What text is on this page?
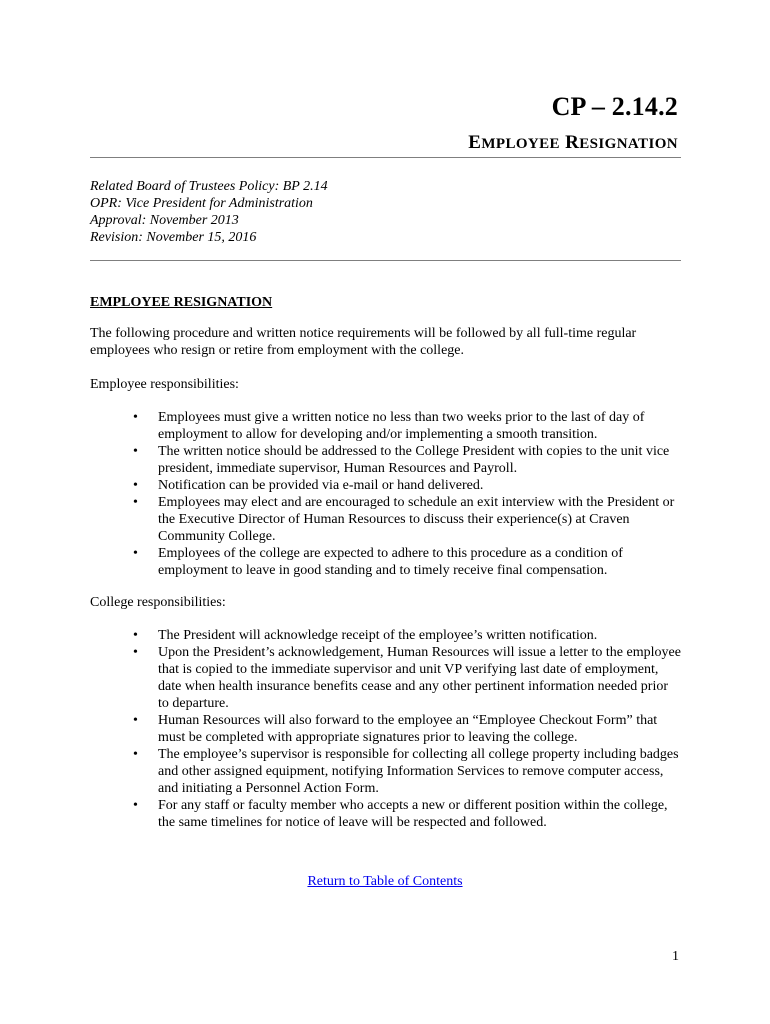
CP – 2.14.2
EMPLOYEE RESIGNATION
Related Board of Trustees Policy: BP 2.14
OPR: Vice President for Administration
Approval: November 2013
Revision: November 15, 2016
EMPLOYEE RESIGNATION
The following procedure and written notice requirements will be followed by all full-time regular employees who resign or retire from employment with the college.
Employee responsibilities:
• Employees must give a written notice no less than two weeks prior to the last of day of employment to allow for developing and/or implementing a smooth transition.
• The written notice should be addressed to the College President with copies to the unit vice president, immediate supervisor, Human Resources and Payroll.
• Notification can be provided via e-mail or hand delivered.
• Employees may elect and are encouraged to schedule an exit interview with the President or the Executive Director of Human Resources to discuss their experience(s) at Craven Community College.
• Employees of the college are expected to adhere to this procedure as a condition of employment to leave in good standing and to timely receive final compensation.
College responsibilities:
• The President will acknowledge receipt of the employee’s written notification.
• Upon the President’s acknowledgement, Human Resources will issue a letter to the employee that is copied to the immediate supervisor and unit VP verifying last date of employment, date when health insurance benefits cease and any other pertinent information needed prior to departure.
• Human Resources will also forward to the employee an “Employee Checkout Form” that must be completed with appropriate signatures prior to leaving the college.
• The employee’s supervisor is responsible for collecting all college property including badges and other assigned equipment, notifying Information Services to remove computer access, and initiating a Personnel Action Form.
• For any staff or faculty member who accepts a new or different position within the college, the same timelines for notice of leave will be respected and followed.
Return to Table of Contents
1
